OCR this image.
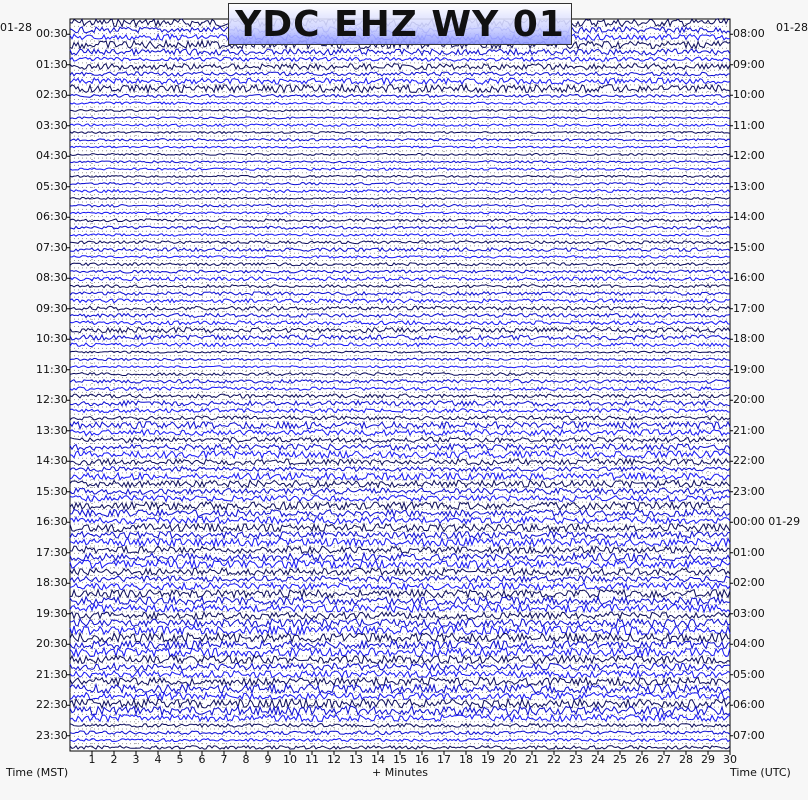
YDC EHZ WY 01
01-28	01-28
Time (MST)	+ Minutes	Time (UTC)
1 2 3 4 5 6 7 8 9 10 11 12 13 14 15 16 17 18 19 20 21 22 23 24 25 26 27 28 29 30
00:30
01:30
02:30
03:30
04:30
05:30
06:30
07:30
08:30
09:30
10:30
11:30
12:30
13:30
14:30
15:30
16:30
17:30
18:30
19:30
20:30
21:30
22:30
23:30
08:00
09:00
10:00
11:00
12:00
13:00
14:00
15:00
16:00
17:00
18:00
19:00
20:00
21:00
22:00
23:00
00:00 01-29
01:00
02:00
03:00
04:00
05:00
06:00
07:00
